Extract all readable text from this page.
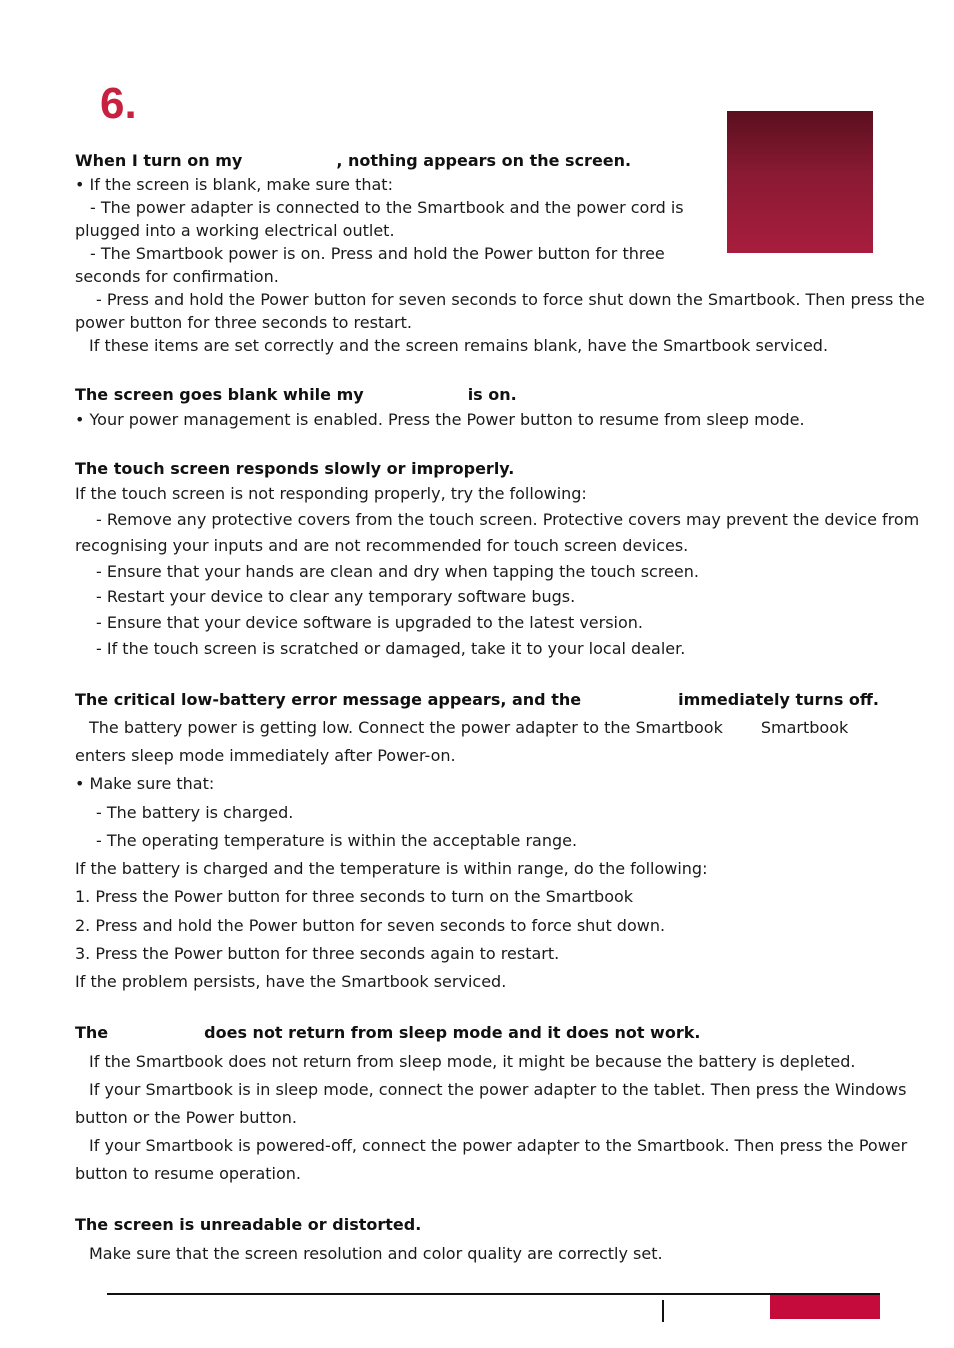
6.
When I turn on my	, nothing appears on the screen.
• If the screen is blank, make sure that:
- The power adapter is connected to the Smartbook and the power cord is
plugged into a working electrical outlet.
- The Smartbook power is on. Press and hold the Power button for three
seconds for confirmation.
- Press and hold the Power button for seven seconds to force shut down the Smartbook. Then press the
power button for three seconds to restart.
If these items are set correctly and the screen remains blank, have the Smartbook serviced.
The screen goes blank while my	is on.
• Your power management is enabled. Press the Power button to resume from sleep mode.
The touch screen responds slowly or improperly.
If the touch screen is not responding properly, try the following:
- Remove any protective covers from the touch screen. Protective covers may prevent the device from
recognising your inputs and are not recommended for touch screen devices.
- Ensure that your hands are clean and dry when tapping the touch screen.
- Restart your device to clear any temporary software bugs.
- Ensure that your device software is upgraded to the latest version.
- If the touch screen is scratched or damaged, take it to your local dealer.
The critical low-battery error message appears, and the	immediately turns off.
The battery power is getting low. Connect the power adapter to the Smartbook Smartbook
enters sleep mode immediately after Power-on.
• Make sure that:
- The battery is charged.
- The operating temperature is within the acceptable range.
If the battery is charged and the temperature is within range, do the following:
1. Press the Power button for three seconds to turn on the Smartbook
2. Press and hold the Power button for seven seconds to force shut down.
3. Press the Power button for three seconds again to restart.
If the problem persists, have the Smartbook serviced.
The	does not return from sleep mode and it does not work.
If the Smartbook does not return from sleep mode, it might be because the battery is depleted.
If your Smartbook is in sleep mode, connect the power adapter to the tablet. Then press the Windows
button or the Power button.
If your Smartbook is powered-off, connect the power adapter to the Smartbook. Then press the Power
button to resume operation.
The screen is unreadable or distorted.
Make sure that the screen resolution and color quality are correctly set.
